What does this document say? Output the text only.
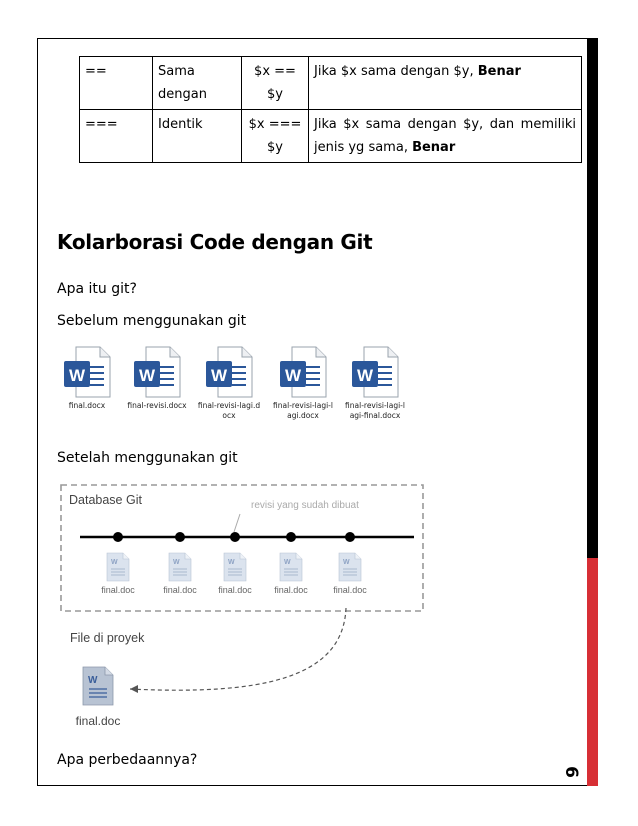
6
==	Sama dengan	$x == $y	Jika $x sama dengan $y, Benar
===	Identik	$x === $y	Jika $x sama dengan $y, dan memiliki jenis yg sama, Benar
Kolarborasi Code dengan Git
Apa itu git?
Sebelum menggunakan git
W
final.docx
W
final-revisi.docx
W
final-revisi-lagi.d
ocx
W
final-revisi-lagi-l
agi.docx
W
final-revisi-lagi-l
agi-final.docx
Setelah menggunakan git
Database Git	revisi yang sudah dibuat
W
final.doc
W
final.doc
W
final.doc
W
final.doc
W
final.doc
File di proyek
W
final.doc
Apa perbedaannya?
